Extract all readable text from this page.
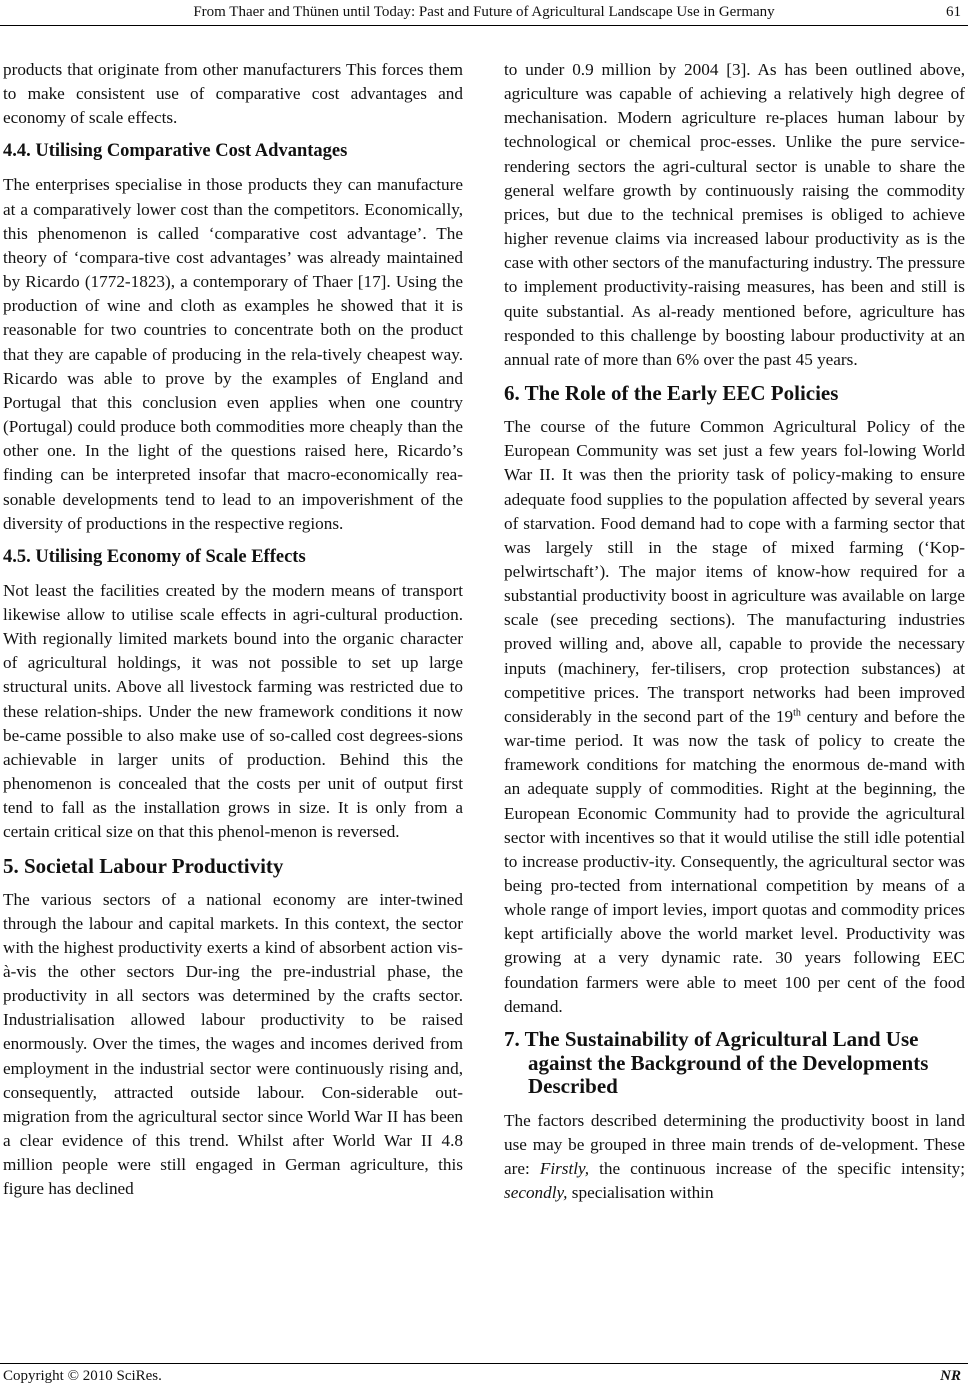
From Thaer and Thünen until Today: Past and Future of Agricultural Landscape Use in Germany	61

products that originate from other manufacturers This forces them to make consistent use of comparative cost advantages and economy of scale effects.

4.4. Utilising Comparative Cost Advantages

The enterprises specialise in those products they can manufacture at a comparatively lower cost than the competitors. Economically, this phenomenon is called ‘comparative cost advantage’. The theory of ‘compara-tive cost advantages’ was already maintained by Ricardo (1772-1823), a contemporary of Thaer [17]. Using the production of wine and cloth as examples he showed that it is reasonable for two countries to concentrate both on the product that they are capable of producing in the rela-tively cheapest way. Ricardo was able to prove by the examples of England and Portugal that this conclusion even applies when one country (Portugal) could produce both commodities more cheaply than the other one. In the light of the questions raised here, Ricardo’s finding can be interpreted insofar that macro-economically rea-sonable developments tend to lead to an impoverishment of the diversity of productions in the respective regions.

4.5. Utilising Economy of Scale Effects

Not least the facilities created by the modern means of transport likewise allow to utilise scale effects in agri-cultural production. With regionally limited markets bound into the organic character of agricultural holdings, it was not possible to set up large structural units. Above all livestock farming was restricted due to these relation-ships. Under the new framework conditions it now be-came possible to also make use of so-called cost degrees-sions achievable in larger units of production. Behind this the phenomenon is concealed that the costs per unit of output first tend to fall as the installation grows in size. It is only from a certain critical size on that this phenol-menon is reversed.

5. Societal Labour Productivity

The various sectors of a national economy are inter-twined through the labour and capital markets. In this context, the sector with the highest productivity exerts a kind of absorbent action vis-à-vis the other sectors Dur-ing the pre-industrial phase, the productivity in all sectors was determined by the crafts sector. Industrialisation allowed labour productivity to be raised enormously. Over the times, the wages and incomes derived from employment in the industrial sector were continuously rising and, consequently, attracted outside labour. Con-siderable out-migration from the agricultural sector since World War II has been a clear evidence of this trend. Whilst after World War II 4.8 million people were still engaged in German agriculture, this figure has declined

to under 0.9 million by 2004 [3]. As has been outlined above, agriculture was capable of achieving a relatively high degree of mechanisation. Modern agriculture re-places human labour by technological or chemical proc-esses. Unlike the pure service-rendering sectors the agri-cultural sector is unable to share the general welfare growth by continuously raising the commodity prices, but due to the technical premises is obliged to achieve higher revenue claims via increased labour productivity as is the case with other sectors of the manufacturing industry. The pressure to implement productivity-raising measures, has been and still is quite substantial. As al-ready mentioned before, agriculture has responded to this challenge by boosting labour productivity at an annual rate of more than 6% over the past 45 years.

6. The Role of the Early EEC Policies

The course of the future Common Agricultural Policy of the European Community was set just a few years fol-lowing World War II. It was then the priority task of policy-making to ensure adequate food supplies to the population affected by several years of starvation. Food demand had to cope with a farming sector that was largely still in the stage of mixed farming (‘Kop-pelwirtschaft’). The major items of know-how required for a substantial productivity boost in agriculture was available on large scale (see preceding sections). The manufacturing industries proved willing and, above all, capable to provide the necessary inputs (machinery, fer-tilisers, crop protection substances) at competitive prices. The transport networks had been improved considerably in the second part of the 19th century and before the war-time period. It was now the task of policy to create the framework conditions for matching the enormous de-mand with an adequate supply of commodities. Right at the beginning, the European Economic Community had to provide the agricultural sector with incentives so that it would utilise the still idle potential to increase productiv-ity. Consequently, the agricultural sector was being pro-tected from international competition by means of a whole range of import levies, import quotas and commodity prices kept artificially above the world market level. Productivity was growing at a very dynamic rate. 30 years following EEC foundation farmers were able to meet 100 per cent of the food demand.

7. The Sustainability of Agricultural Land Use against the Background of the Developments Described

The factors described determining the productivity boost in land use may be grouped in three main trends of de-velopment. These are: Firstly, the continuous increase of the specific intensity; secondly, specialisation within

Copyright © 2010 SciRes.	NR
